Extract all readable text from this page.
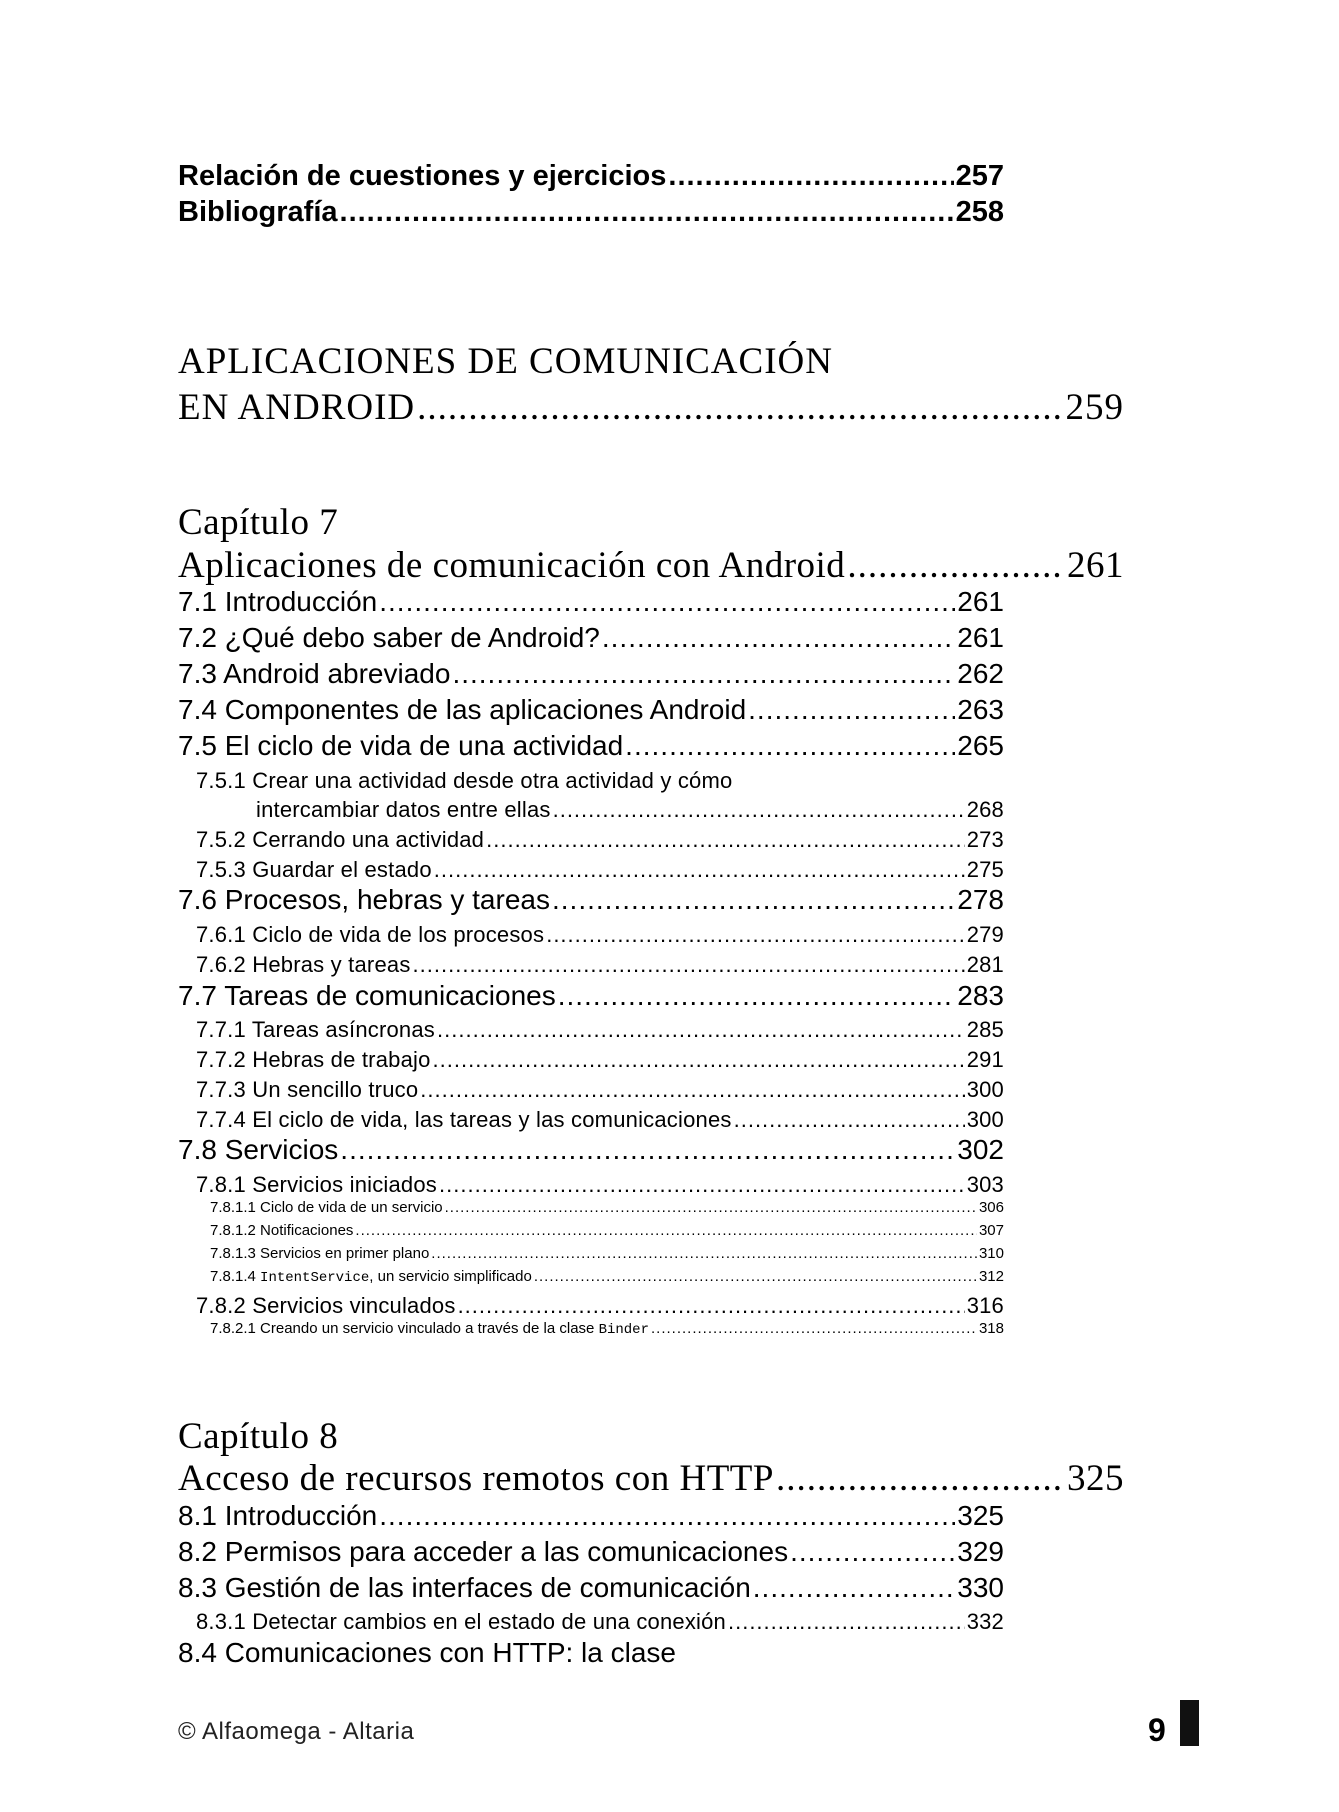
Relación de cuestiones y ejercicios .....	257
Bibliografía .....	258
APLICACIONES DE COMUNICACIÓN
EN ANDROID .....	259
Capítulo 7
Aplicaciones de comunicación con Android .....	261
7.1 Introducción .....	261
7.2 ¿Qué debo saber de Android? .....	261
7.3 Android abreviado .....	262
7.4 Componentes de las aplicaciones Android .....	263
7.5 El ciclo de vida de una actividad .....	265
7.5.1 Crear una actividad desde otra actividad y cómo
intercambiar datos entre ellas .....	268
7.5.2 Cerrando una actividad .....	273
7.5.3 Guardar el estado .....	275
7.6 Procesos, hebras y tareas .....	278
7.6.1 Ciclo de vida de los procesos .....	279
7.6.2 Hebras y tareas .....	281
7.7 Tareas de comunicaciones .....	283
7.7.1 Tareas asíncronas .....	285
7.7.2 Hebras de trabajo .....	291
7.7.3 Un sencillo truco .....	300
7.7.4 El ciclo de vida, las tareas y las comunicaciones .....	300
7.8 Servicios .....	302
7.8.1 Servicios iniciados .....	303
7.8.1.1 Ciclo de vida de un servicio .....	306
7.8.1.2 Notificaciones .....	307
7.8.1.3 Servicios en primer plano .....	310
7.8.1.4 IntentService, un servicio simplificado .....	312
7.8.2 Servicios vinculados .....	316
7.8.2.1 Creando un servicio vinculado a través de la clase Binder .....	318
Capítulo 8
Acceso de recursos remotos con HTTP .....	325
8.1 Introducción .....	325
8.2 Permisos para acceder a las comunicaciones .....	329
8.3 Gestión de las interfaces de comunicación .....	330
8.3.1 Detectar cambios en el estado de una conexión .....	332
8.4 Comunicaciones con HTTP: la clase
© Alfaomega - Altaria	9
